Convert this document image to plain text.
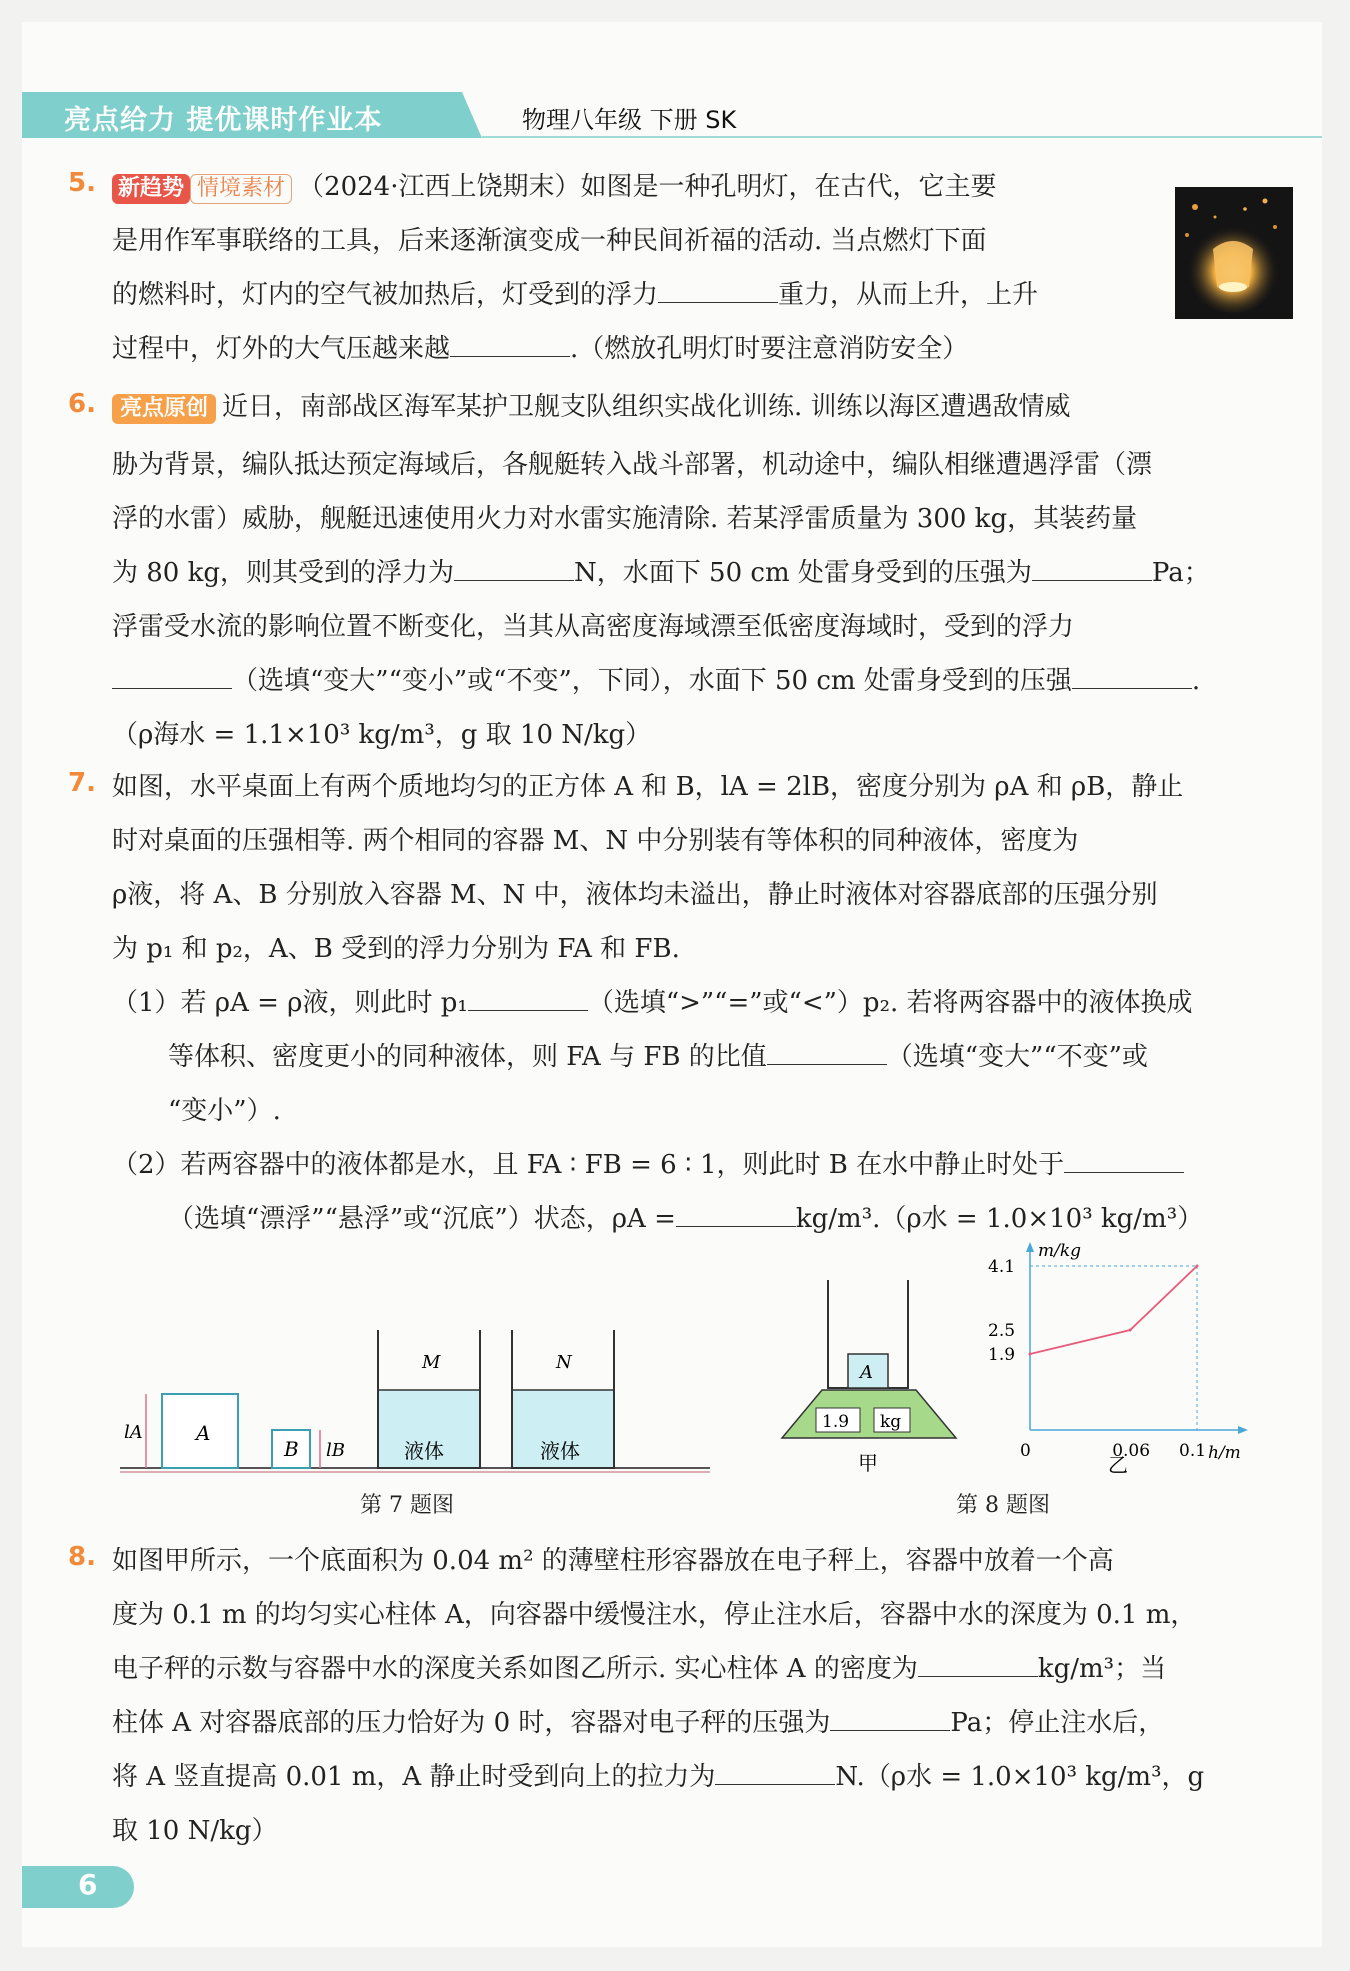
亮点给力 提优课时作业本	物理八年级 下册 SK
5. 新趋势 情境素材 （2024·江西上饶期末）如图是一种孔明灯，在古代，它主要
是用作军事联络的工具，后来逐渐演变成一种民间祈福的活动. 当点燃灯下面
的燃料时，灯内的空气被加热后，灯受到的浮力	重力，从而上升，上升
过程中，灯外的大气压越来越	.（燃放孔明灯时要注意消防安全）
6.	亮点原创 近日，南部战区海军某护卫舰支队组织实战化训练. 训练以海区遭遇敌情威
胁为背景，编队抵达预定海域后，各舰艇转入战斗部署，机动途中，编队相继遭遇浮雷（漂
浮的水雷）威胁，舰艇迅速使用火力对水雷实施清除. 若某浮雷质量为 300 kg，其装药量
为 80 kg，则其受到的浮力为	N，水面下 50 cm 处雷身受到的压强为	Pa；
浮雷受水流的影响位置不断变化，当其从高密度海域漂至低密度海域时，受到的浮力
（选填“变大”“变小”或“不变”，下同），水面下 50 cm 处雷身受到的压强	.
（ρ海水 = 1.1×10³ kg/m³，g 取 10 N/kg）
7. 如图，水平桌面上有两个质地均匀的正方体 A 和 B，lA = 2lB，密度分别为 ρA 和 ρB，静止
时对桌面的压强相等. 两个相同的容器 M、N 中分别装有等体积的同种液体，密度为
ρ液，将 A、B 分别放入容器 M、N 中，液体均未溢出，静止时液体对容器底部的压强分别
为 p₁ 和 p₂，A、B 受到的浮力分别为 FA 和 FB.
（1）若 ρA = ρ液，则此时 p₁	（选填“>”“=”或“<”）p₂. 若将两容器中的液体换成
等体积、密度更小的同种液体，则 FA 与 FB 的比值	（选填“变大”“不变”或
“变小”）.
（2）若两容器中的液体都是水，且 FA ∶ FB = 6 ∶ 1，则此时 B 在水中静止时处于
（选填“漂浮”“悬浮”或“沉底”）状态，ρA =	kg/m³.（ρ水 = 1.0×10³ kg/m³）
A
lA
B lB
M
液体
N
液体
第 7 题图
A
1.9 kg
甲
m/kg
h/m
0
1.9
2.5
4.1
0.06 0.1
乙
第 8 题图
8. 如图甲所示，一个底面积为 0.04 m² 的薄壁柱形容器放在电子秤上，容器中放着一个高
度为 0.1 m 的均匀实心柱体 A，向容器中缓慢注水，停止注水后，容器中水的深度为 0.1 m，
电子秤的示数与容器中水的深度关系如图乙所示. 实心柱体 A 的密度为	kg/m³；当
柱体 A 对容器底部的压力恰好为 0 时，容器对电子秤的压强为	Pa；停止注水后，
将 A 竖直提高 0.01 m，A 静止时受到向上的拉力为	N.（ρ水 = 1.0×10³ kg/m³，g
取 10 N/kg）
6
